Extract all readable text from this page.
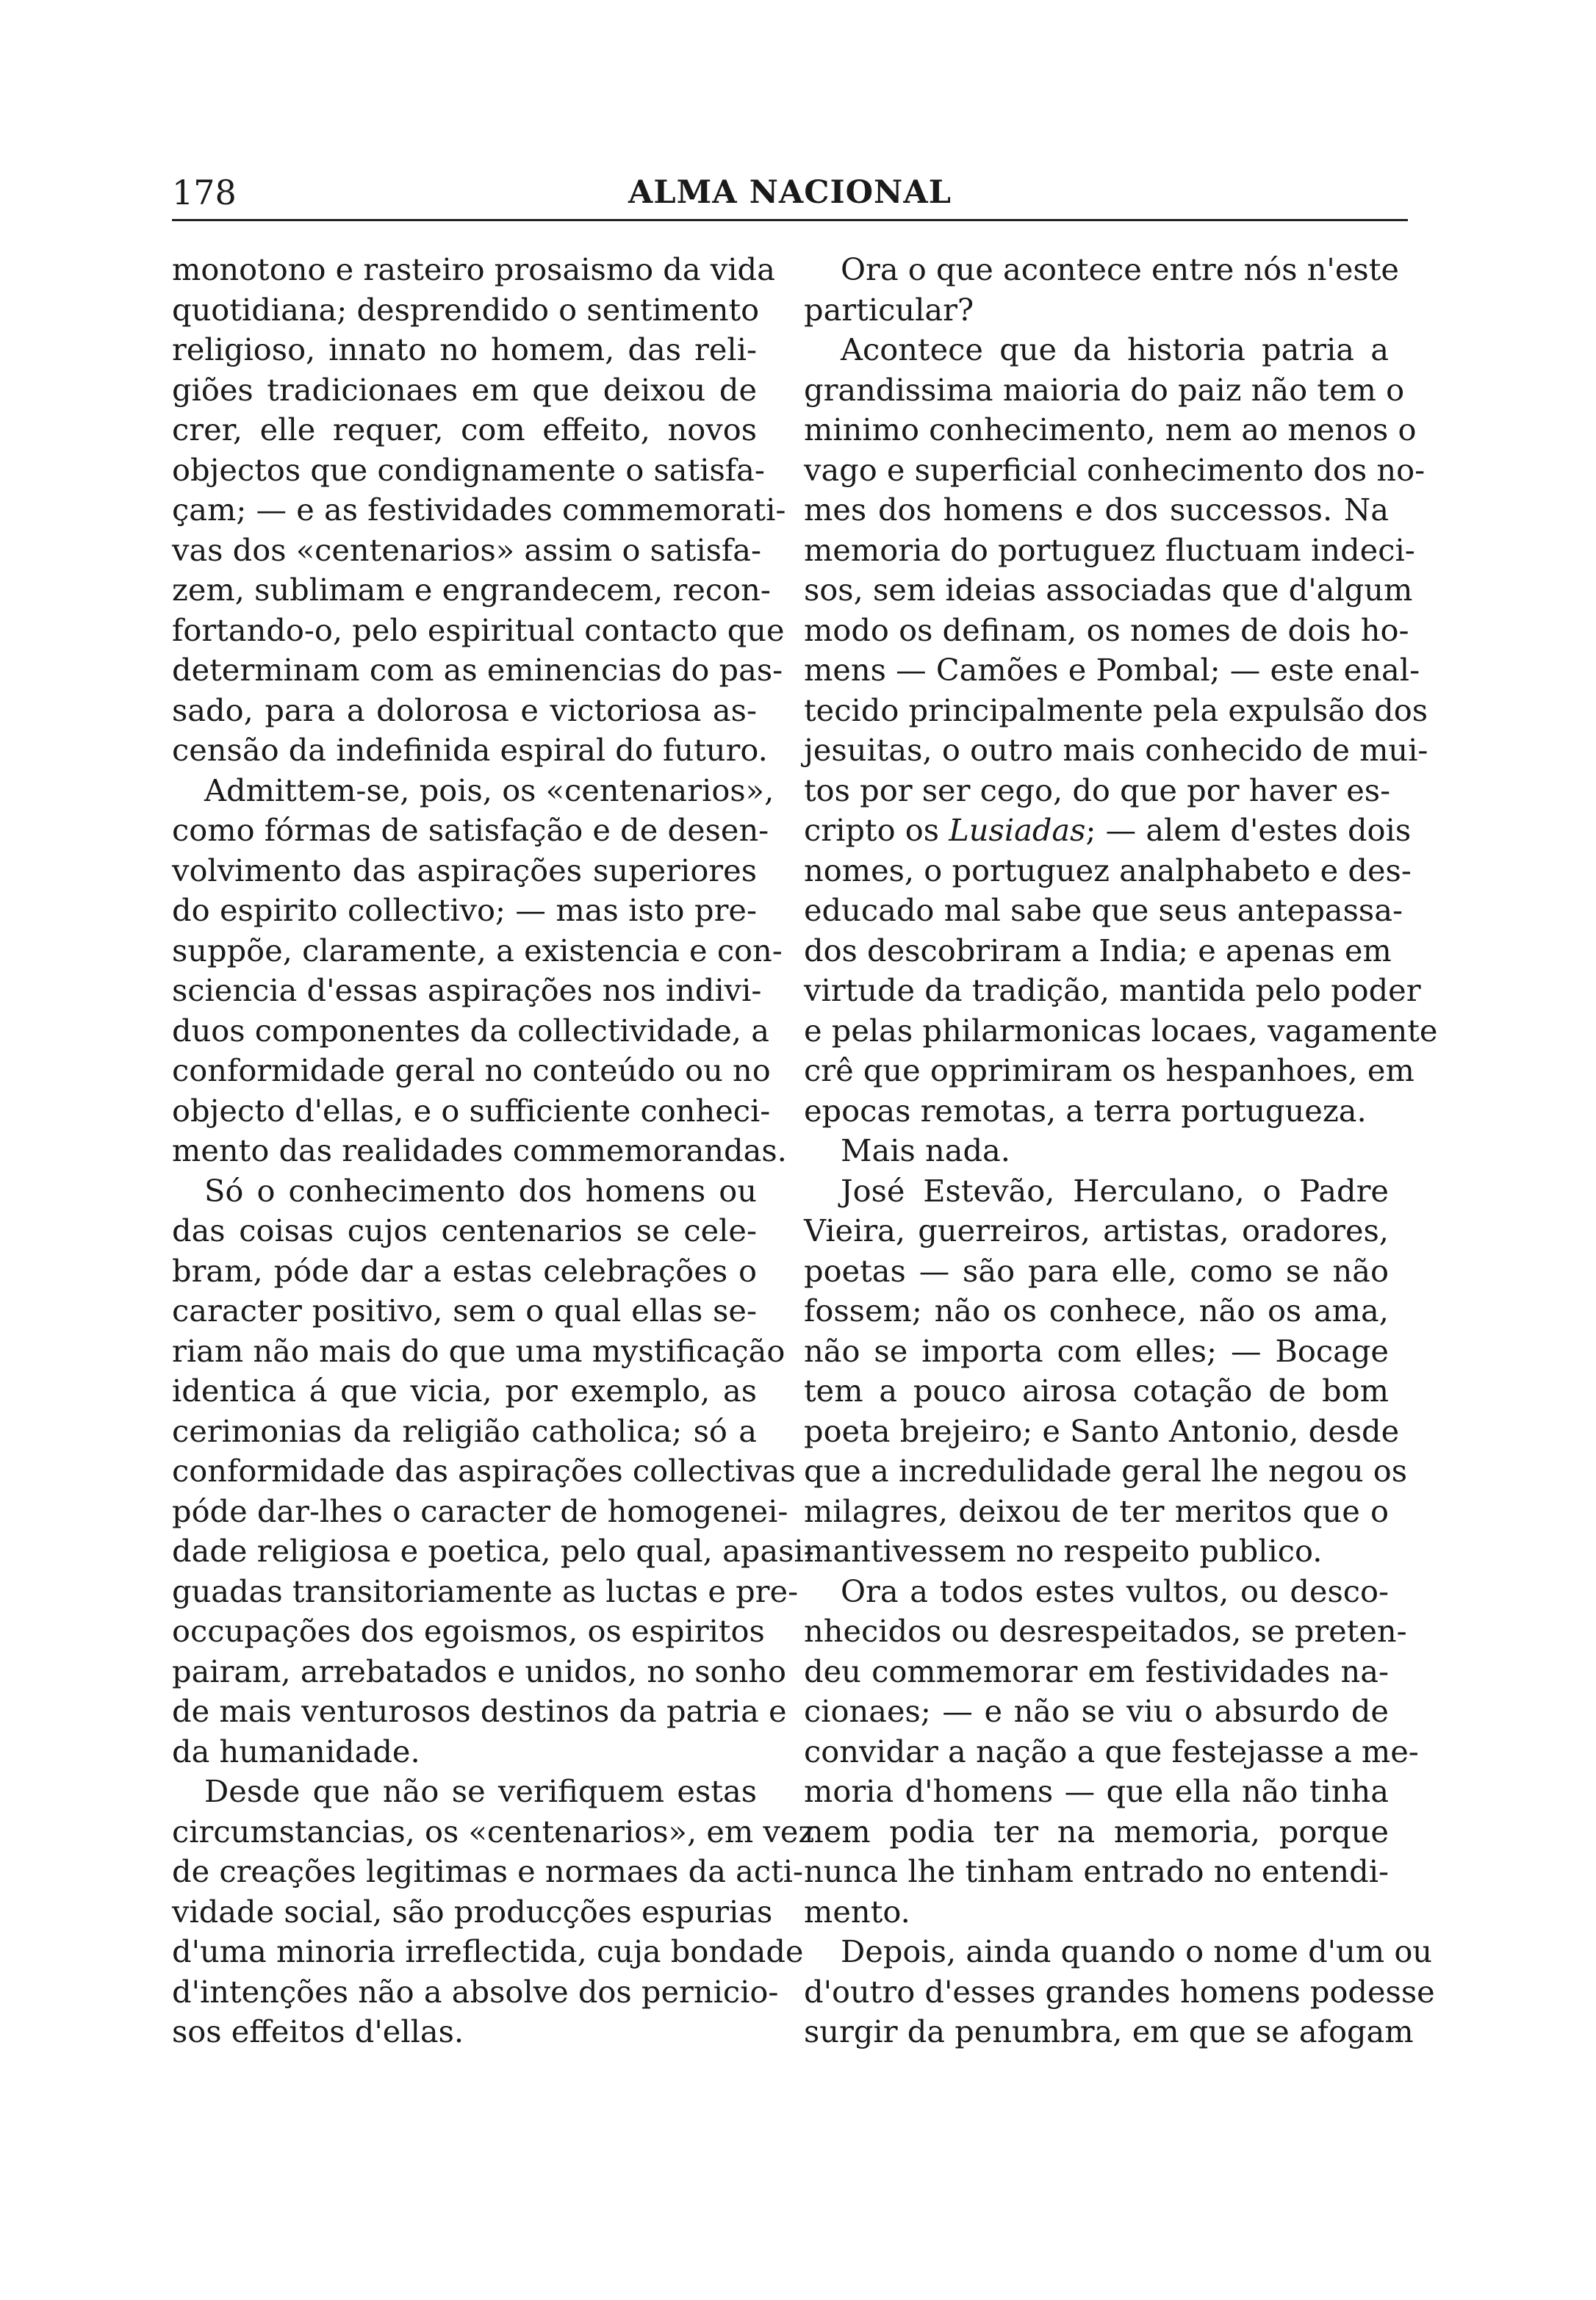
178	ALMA NACIONAL
monotono e rasteiro prosaismo da vida
quotidiana; desprendido o sentimento
religioso, innato no homem, das reli-
giões tradicionaes em que deixou de
crer, elle requer, com effeito, novos
objectos que condignamente o satisfa-
çam; — e as festividades commemorati-
vas dos «centenarios» assim o satisfa-
zem, sublimam e engrandecem, recon-
fortando-o, pelo espiritual contacto que
determinam com as eminencias do pas-
sado, para a dolorosa e victoriosa as-
censão da indefinida espiral do futuro.
Admittem-se, pois, os «centenarios»,
como fórmas de satisfação e de desen-
volvimento das aspirações superiores
do espirito collectivo; — mas isto pre-
suppõe, claramente, a existencia e con-
sciencia d'essas aspirações nos indivi-
duos componentes da collectividade, a
conformidade geral no conteúdo ou no
objecto d'ellas, e o sufficiente conheci-
mento das realidades commemorandas.
Só o conhecimento dos homens ou
das coisas cujos centenarios se cele-
bram, póde dar a estas celebrações o
caracter positivo, sem o qual ellas se-
riam não mais do que uma mystificação
identica á que vicia, por exemplo, as
cerimonias da religião catholica; só a
conformidade das aspirações collectivas
póde dar-lhes o caracter de homogenei-
dade religiosa e poetica, pelo qual, apasi-
guadas transitoriamente as luctas e pre-
occupações dos egoismos, os espiritos
pairam, arrebatados e unidos, no sonho
de mais venturosos destinos da patria e
da humanidade.
Desde que não se verifiquem estas
circumstancias, os «centenarios», em vez
de creações legitimas e normaes da acti-
vidade social, são producções espurias
d'uma minoria irreflectida, cuja bondade
d'intenções não a absolve dos pernicio-
sos effeitos d'ellas.
Ora o que acontece entre nós n'este
particular?
Acontece que da historia patria a
grandissima maioria do paiz não tem o
minimo conhecimento, nem ao menos o
vago e superficial conhecimento dos no-
mes dos homens e dos successos. Na
memoria do portuguez fluctuam indeci-
sos, sem ideias associadas que d'algum
modo os definam, os nomes de dois ho-
mens — Camões e Pombal; — este enal-
tecido principalmente pela expulsão dos
jesuitas, o outro mais conhecido de mui-
tos por ser cego, do que por haver es-
cripto os Lusiadas; — alem d'estes dois
nomes, o portuguez analphabeto e des-
educado mal sabe que seus antepassa-
dos descobriram a India; e apenas em
virtude da tradição, mantida pelo poder
e pelas philarmonicas locaes, vagamente
crê que opprimiram os hespanhoes, em
epocas remotas, a terra portugueza.
Mais nada.
José Estevão, Herculano, o Padre
Vieira, guerreiros, artistas, oradores,
poetas — são para elle, como se não
fossem; não os conhece, não os ama,
não se importa com elles; — Bocage
tem a pouco airosa cotação de bom
poeta brejeiro; e Santo Antonio, desde
que a incredulidade geral lhe negou os
milagres, deixou de ter meritos que o
mantivessem no respeito publico.
Ora a todos estes vultos, ou desco-
nhecidos ou desrespeitados, se preten-
deu commemorar em festividades na-
cionaes; — e não se viu o absurdo de
convidar a nação a que festejasse a me-
moria d'homens — que ella não tinha
nem podia ter na memoria, porque
nunca lhe tinham entrado no entendi-
mento.
Depois, ainda quando o nome d'um ou
d'outro d'esses grandes homens podesse
surgir da penumbra, em que se afogam
